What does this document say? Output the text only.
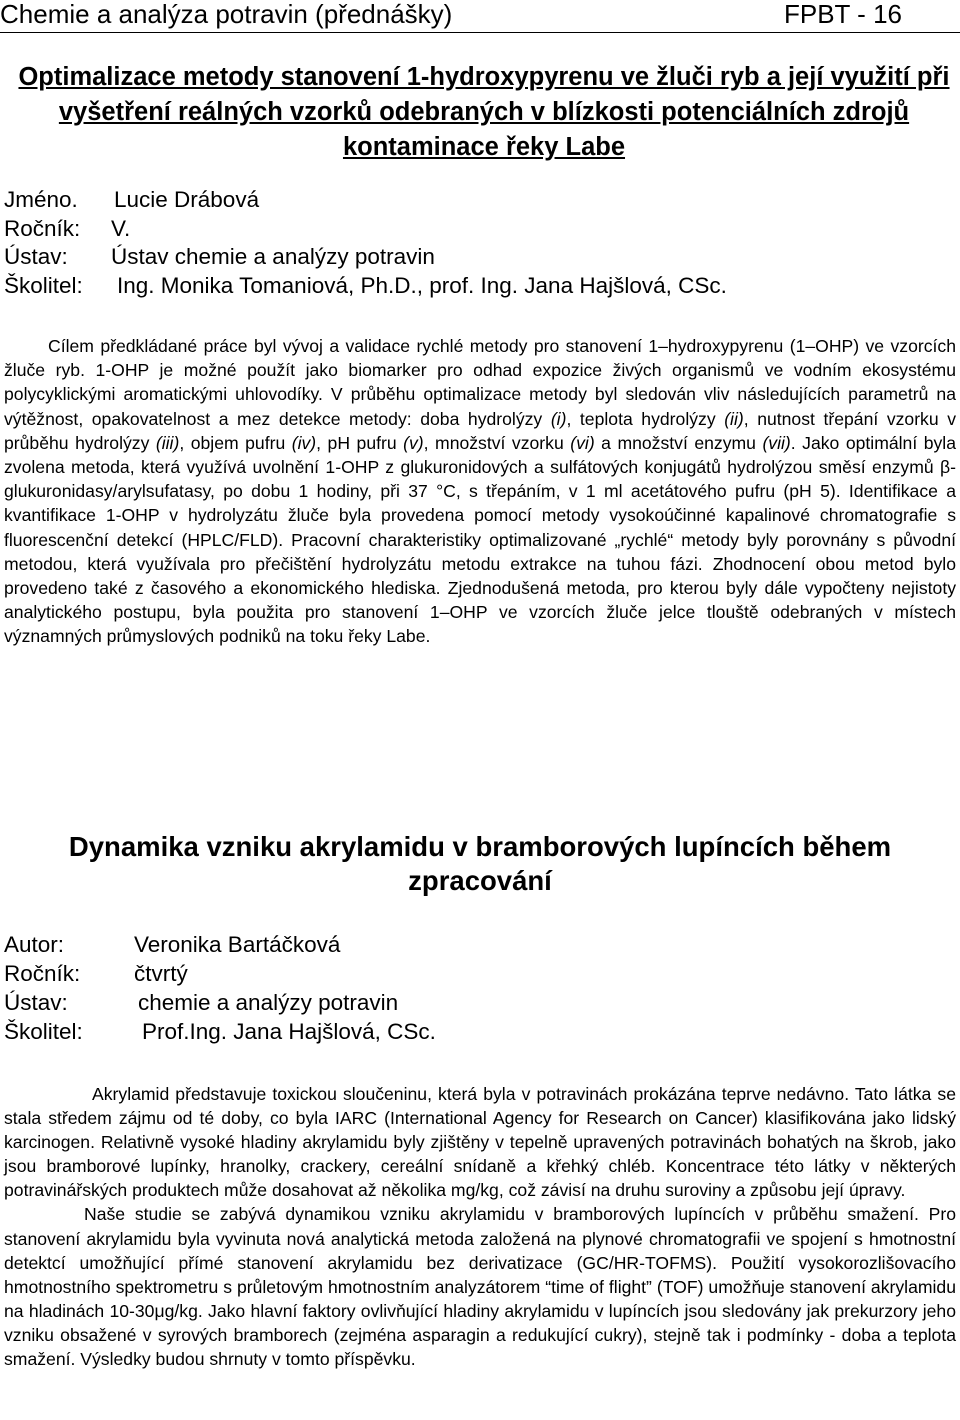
Chemie a analýza potravin (přednášky)	FPBT - 16
Optimalizace metody stanovení 1-hydroxypyrenu ve žluči ryb a její využití při vyšetření reálných vzorků odebraných v blízkosti potenciálních zdrojů kontaminace řeky Labe
Jméno. Lucie Drábová
Ročník: V.
Ústav: Ústav chemie a analýzy potravin
Školitel: Ing. Monika Tomaniová, Ph.D., prof. Ing. Jana Hajšlová, CSc.

Cílem předkládané práce byl vývoj a validace rychlé metody pro stanovení 1–hydroxypyrenu (1–OHP) ve vzorcích žluče ryb. 1-OHP je možné použít jako biomarker pro odhad expozice živých organismů ve vodním ekosystému polycyklickými aromatickými uhlovodíky. V průběhu optimalizace metody byl sledován vliv následujících parametrů na výtěžnost, opakovatelnost a mez detekce metody: doba hydrolýzy (i), teplota hydrolýzy (ii), nutnost třepání vzorku v průběhu hydrolýzy (iii), objem pufru (iv), pH pufru (v), množství vzorku (vi) a množství enzymu (vii). Jako optimální byla zvolena metoda, která využívá uvolnění 1-OHP z glukuronidových a sulfátových konjugátů hydrolýzou směsí enzymů β-glukuronidasy/arylsufatasy, po dobu 1 hodiny, při 37 °C, s třepáním, v 1 ml acetátového pufru (pH 5). Identifikace a kvantifikace 1-OHP v hydrolyzátu žluče byla provedena pomocí metody vysokoúčinné kapalinové chromatografie s fluorescenční detekcí (HPLC/FLD). Pracovní charakteristiky optimalizované „rychlé“ metody byly porovnány s původní metodou, která využívala pro přečištění hydrolyzátu metodu extrakce na tuhou fázi. Zhodnocení obou metod bylo provedeno také z časového a ekonomického hlediska. Zjednodušená metoda, pro kterou byly dále vypočteny nejistoty analytického postupu, byla použita pro stanovení 1–OHP ve vzorcích žluče jelce tlouště odebraných v místech významných průmyslových podniků na toku řeky Labe.

Dynamika vzniku akrylamidu v bramborových lupíncích během zpracování
Autor:	Veronika Bartáčková
Ročník: čtvrtý
Ústav:	chemie a analýzy potravin
Školitel:	Prof.Ing. Jana Hajšlová, CSc.

Akrylamid představuje toxickou sloučeninu, která byla v potravinách prokázána teprve nedávno. Tato látka se stala středem zájmu od té doby, co byla IARC (International Agency for Research on Cancer) klasifikována jako lidský karcinogen. Relativně vysoké hladiny akrylamidu byly zjištěny v tepelně upravených potravinách bohatých na škrob, jako jsou bramborové lupínky, hranolky, crackery, cereální snídaně a křehký chléb. Koncentrace této látky v některých potravinářských produktech může dosahovat až několika mg/kg, což závisí na druhu suroviny a způsobu její úpravy.

Naše studie se zabývá dynamikou vzniku akrylamidu v bramborových lupíncích v průběhu smažení. Pro stanovení akrylamidu byla vyvinuta nová analytická metoda založená na plynové chromatografii ve spojení s hmotnostní detektcí umožňující přímé stanovení akrylamidu bez derivatizace (GC/HR-TOFMS). Použití vysokorozlišovacího hmotnostního spektrometru s průletovým hmotnostním analyzátorem “time of flight” (TOF) umožňuje stanovení akrylamidu na hladinách 10-30μg/kg. Jako hlavní faktory ovlivňující hladiny akrylamidu v lupíncích jsou sledovány jak prekurzory jeho vzniku obsažené v syrových bramborech (zejména asparagin a redukující cukry), stejně tak i podmínky - doba a teplota smažení. Výsledky budou shrnuty v tomto příspěvku.
